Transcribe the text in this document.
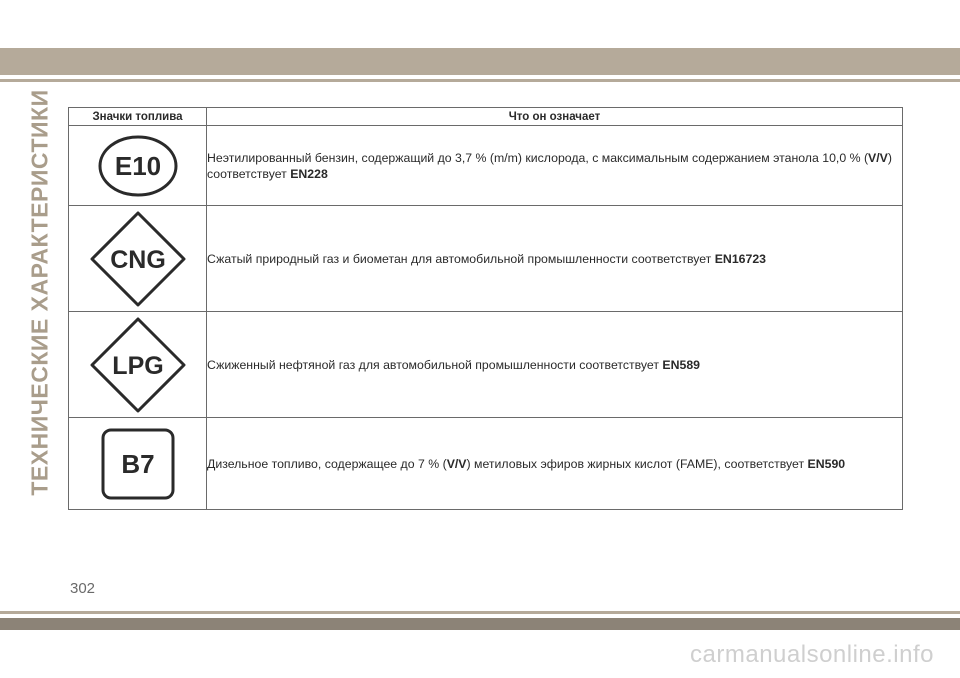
ТЕХНИЧЕСКИЕ ХАРАКТЕРИСТИКИ	Значки топлива	Что он означает

E10	Неэтилированный бензин, содержащий до 3,7 % (m/m) кислорода, с максимальным содержанием этанола 10,0 % (V/V) соответствует EN228

CNG	Сжатый природный газ и биометан для автомобильной промышленности соответствует EN16723

LPG	Сжиженный нефтяной газ для автомобильной промышленности соответствует EN589

B7	Дизельное топливо, содержащее до 7 % (V/V) метиловых эфиров жирных кислот (FAME), соответствует EN590
302
carmanualsonline.info
